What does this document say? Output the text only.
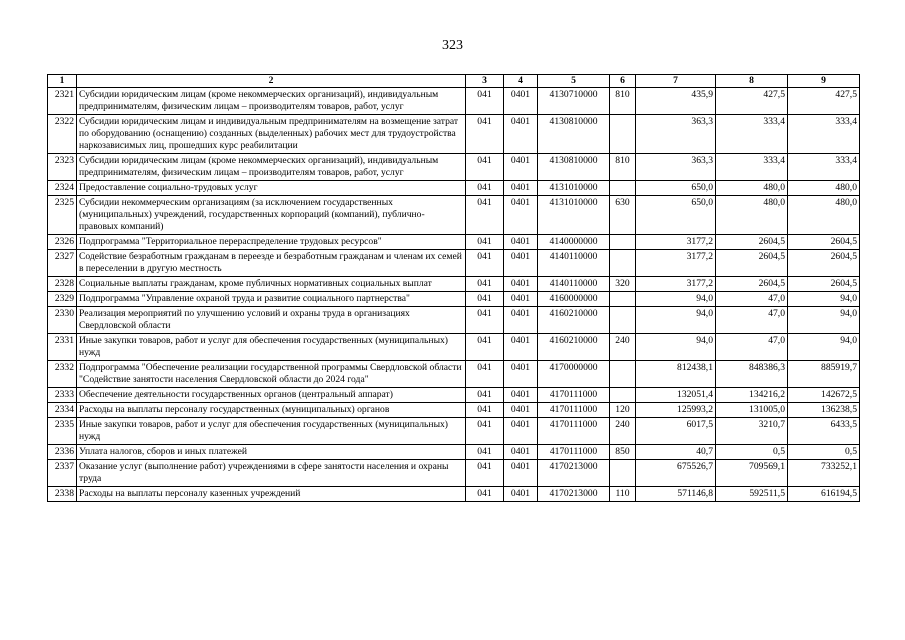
323
1	2	3	4	5	6	7	8	9
2321	Субсидии юридическим лицам (кроме некоммерческих организаций), индивидуальным предпринимателям, физическим лицам – производителям товаров, работ, услуг	041	0401	4130710000	810	435,9	427,5	427,5
2322	Субсидии юридическим лицам и индивидуальным предпринимателям на возмещение затрат по оборудованию (оснащению) созданных (выделенных) рабочих мест для трудоустройства наркозависимых лиц, прошедших курс реабилитации	041	0401	4130810000		363,3	333,4	333,4
2323	Субсидии юридическим лицам (кроме некоммерческих организаций), индивидуальным предпринимателям, физическим лицам – производителям товаров, работ, услуг	041	0401	4130810000	810	363,3	333,4	333,4
2324	Предоставление социально-трудовых услуг	041	0401	4131010000		650,0	480,0	480,0
2325	Субсидии некоммерческим организациям (за исключением государственных (муниципальных) учреждений, государственных корпораций (компаний), публично-правовых компаний)	041	0401	4131010000	630	650,0	480,0	480,0
2326	Подпрограмма "Территориальное перераспределение трудовых ресурсов"	041	0401	4140000000		3177,2	2604,5	2604,5
2327	Содействие безработным гражданам в переезде и безработным гражданам и членам их семей в переселении в другую местность	041	0401	4140110000		3177,2	2604,5	2604,5
2328	Социальные выплаты гражданам, кроме публичных нормативных социальных выплат	041	0401	4140110000	320	3177,2	2604,5	2604,5
2329	Подпрограмма "Управление охраной труда и развитие социального партнерства"	041	0401	4160000000		94,0	47,0	94,0
2330	Реализация мероприятий по улучшению условий и охраны труда в организациях Свердловской области	041	0401	4160210000		94,0	47,0	94,0
2331	Иные закупки товаров, работ и услуг для обеспечения государственных (муниципальных) нужд	041	0401	4160210000	240	94,0	47,0	94,0
2332	Подпрограмма "Обеспечение реализации государственной программы Свердловской области "Содействие занятости населения Свердловской области до 2024 года"	041	0401	4170000000		812438,1	848386,3	885919,7
2333	Обеспечение деятельности государственных органов (центральный аппарат)	041	0401	4170111000		132051,4	134216,2	142672,5
2334	Расходы на выплаты персоналу государственных (муниципальных) органов	041	0401	4170111000	120	125993,2	131005,0	136238,5
2335	Иные закупки товаров, работ и услуг для обеспечения государственных (муниципальных) нужд	041	0401	4170111000	240	6017,5	3210,7	6433,5
2336	Уплата налогов, сборов и иных платежей	041	0401	4170111000	850	40,7	0,5	0,5
2337	Оказание услуг (выполнение работ) учреждениями в сфере занятости населения и охраны труда	041	0401	4170213000		675526,7	709569,1	733252,1
2338	Расходы на выплаты персоналу казенных учреждений	041	0401	4170213000	110	571146,8	592511,5	616194,5
